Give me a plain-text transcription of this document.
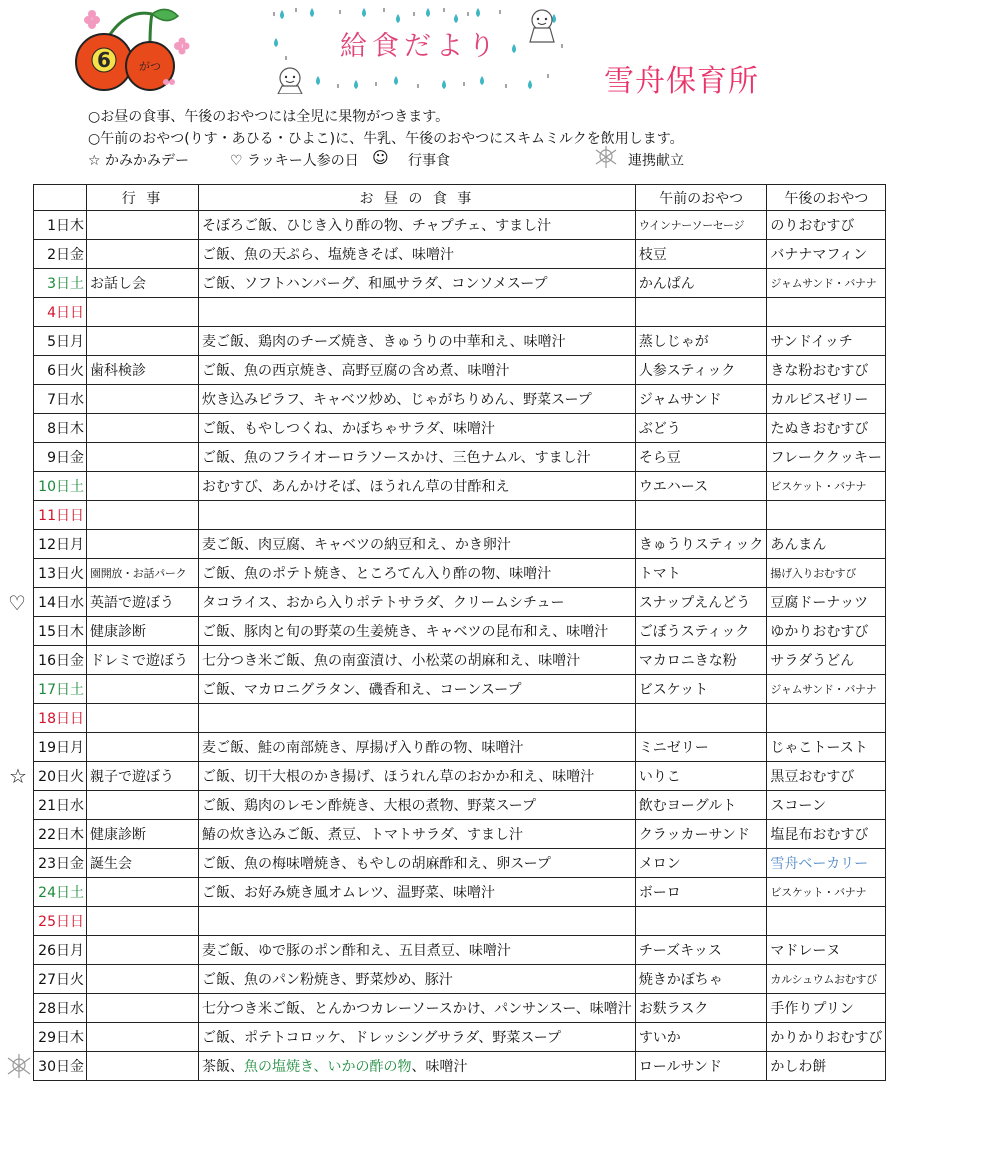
6	がつ
給食だより
雪舟保育所
○お昼の食事、午後のおやつには全児に果物がつきます。
○午前のおやつ(りす・あひる・ひよこ)に、牛乳、午後のおやつにスキムミルクを飲用します。
☆ かみかみデー	♡ ラッキー人参の日 ☺ 行事食	連携献立
♡
☆
	行 事	お 昼 の 食 事	午前のおやつ	午後のおやつ
1日木		そぼろご飯、ひじき入り酢の物、チャプチェ、すまし汁	ウインナーソーセージ	のりおむすび
2日金		ご飯、魚の天ぷら、塩焼きそば、味噌汁	枝豆	バナナマフィン
3日土	お話し会	ご飯、ソフトハンバーグ、和風サラダ、コンソメスープ	かんぱん	ジャムサンド・バナナ
4日日				
5日月		麦ご飯、鶏肉のチーズ焼き、きゅうりの中華和え、味噌汁	蒸しじゃが	サンドイッチ
6日火	歯科検診	ご飯、魚の西京焼き、高野豆腐の含め煮、味噌汁	人参スティック	きな粉おむすび
7日水		炊き込みピラフ、キャベツ炒め、じゃがちりめん、野菜スープ	ジャムサンド	カルピスゼリー
8日木		ご飯、もやしつくね、かぼちゃサラダ、味噌汁	ぶどう	たぬきおむすび
9日金		ご飯、魚のフライオーロラソースかけ、三色ナムル、すまし汁	そら豆	フレーククッキー
10日土		おむすび、あんかけそば、ほうれん草の甘酢和え	ウエハース	ビスケット・バナナ
11日日				
12日月		麦ご飯、肉豆腐、キャベツの納豆和え、かき卵汁	きゅうりスティック	あんまん
13日火	園開放・お話パーク	ご飯、魚のポテト焼き、ところてん入り酢の物、味噌汁	トマト	揚げ入りおむすび
14日水	英語で遊ぼう	タコライス、おから入りポテトサラダ、クリームシチュー	スナップえんどう	豆腐ドーナッツ
15日木	健康診断	ご飯、豚肉と旬の野菜の生姜焼き、キャベツの昆布和え、味噌汁	ごぼうスティック	ゆかりおむすび
16日金	ドレミで遊ぼう	七分つき米ご飯、魚の南蛮漬け、小松菜の胡麻和え、味噌汁	マカロニきな粉	サラダうどん
17日土		ご飯、マカロニグラタン、磯香和え、コーンスープ	ビスケット	ジャムサンド・バナナ
18日日				
19日月		麦ご飯、鮭の南部焼き、厚揚げ入り酢の物、味噌汁	ミニゼリー	じゃこトースト
20日火	親子で遊ぼう	ご飯、切干大根のかき揚げ、ほうれん草のおかか和え、味噌汁	いりこ	黒豆おむすび
21日水		ご飯、鶏肉のレモン酢焼き、大根の煮物、野菜スープ	飲むヨーグルト	スコーン
22日木	健康診断	鰆の炊き込みご飯、煮豆、トマトサラダ、すまし汁	クラッカーサンド	塩昆布おむすび
23日金	誕生会	ご飯、魚の梅味噌焼き、もやしの胡麻酢和え、卵スープ	メロン	雪舟ベーカリー
24日土		ご飯、お好み焼き風オムレツ、温野菜、味噌汁	ボーロ	ビスケット・バナナ
25日日				
26日月		麦ご飯、ゆで豚のポン酢和え、五目煮豆、味噌汁	チーズキッス	マドレーヌ
27日火		ご飯、魚のパン粉焼き、野菜炒め、豚汁	焼きかぼちゃ	カルシュウムおむすび
28日水		七分つき米ご飯、とんかつカレーソースかけ、パンサンスー、味噌汁	お麩ラスク	手作りプリン
29日木		ご飯、ポテトコロッケ、ドレッシングサラダ、野菜スープ	すいか	かりかりおむすび
30日金		茶飯、魚の塩焼き、いかの酢の物、味噌汁	ロールサンド	かしわ餅
